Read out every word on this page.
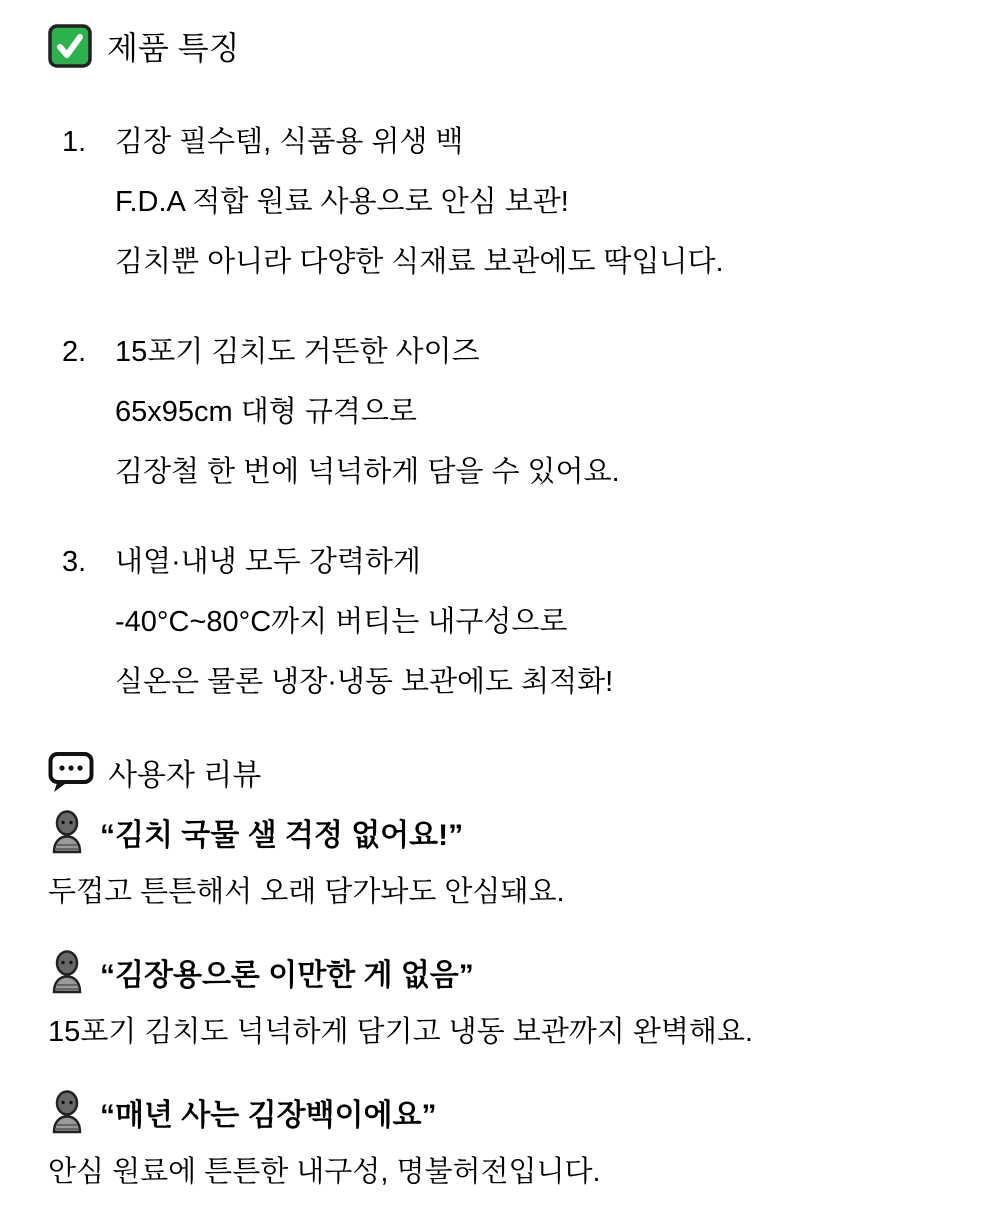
제품 특징
1. 김장 필수템, 식품용 위생 백
F.D.A 적합 원료 사용으로 안심 보관!
김치뿐 아니라 다양한 식재료 보관에도 딱입니다.
2. 15포기 김치도 거뜬한 사이즈
65x95cm 대형 규격으로
김장철 한 번에 넉넉하게 담을 수 있어요.
3. 내열·내냉 모두 강력하게
-40°C~80°C까지 버티는 내구성으로
실온은 물론 냉장·냉동 보관에도 최적화!
사용자 리뷰
“김치 국물 샐 걱정 없어요!”
두껍고 튼튼해서 오래 담가놔도 안심돼요.
“김장용으론 이만한 게 없음”
15포기 김치도 넉넉하게 담기고 냉동 보관까지 완벽해요.
“매년 사는 김장백이에요”
안심 원료에 튼튼한 내구성, 명불허전입니다.
